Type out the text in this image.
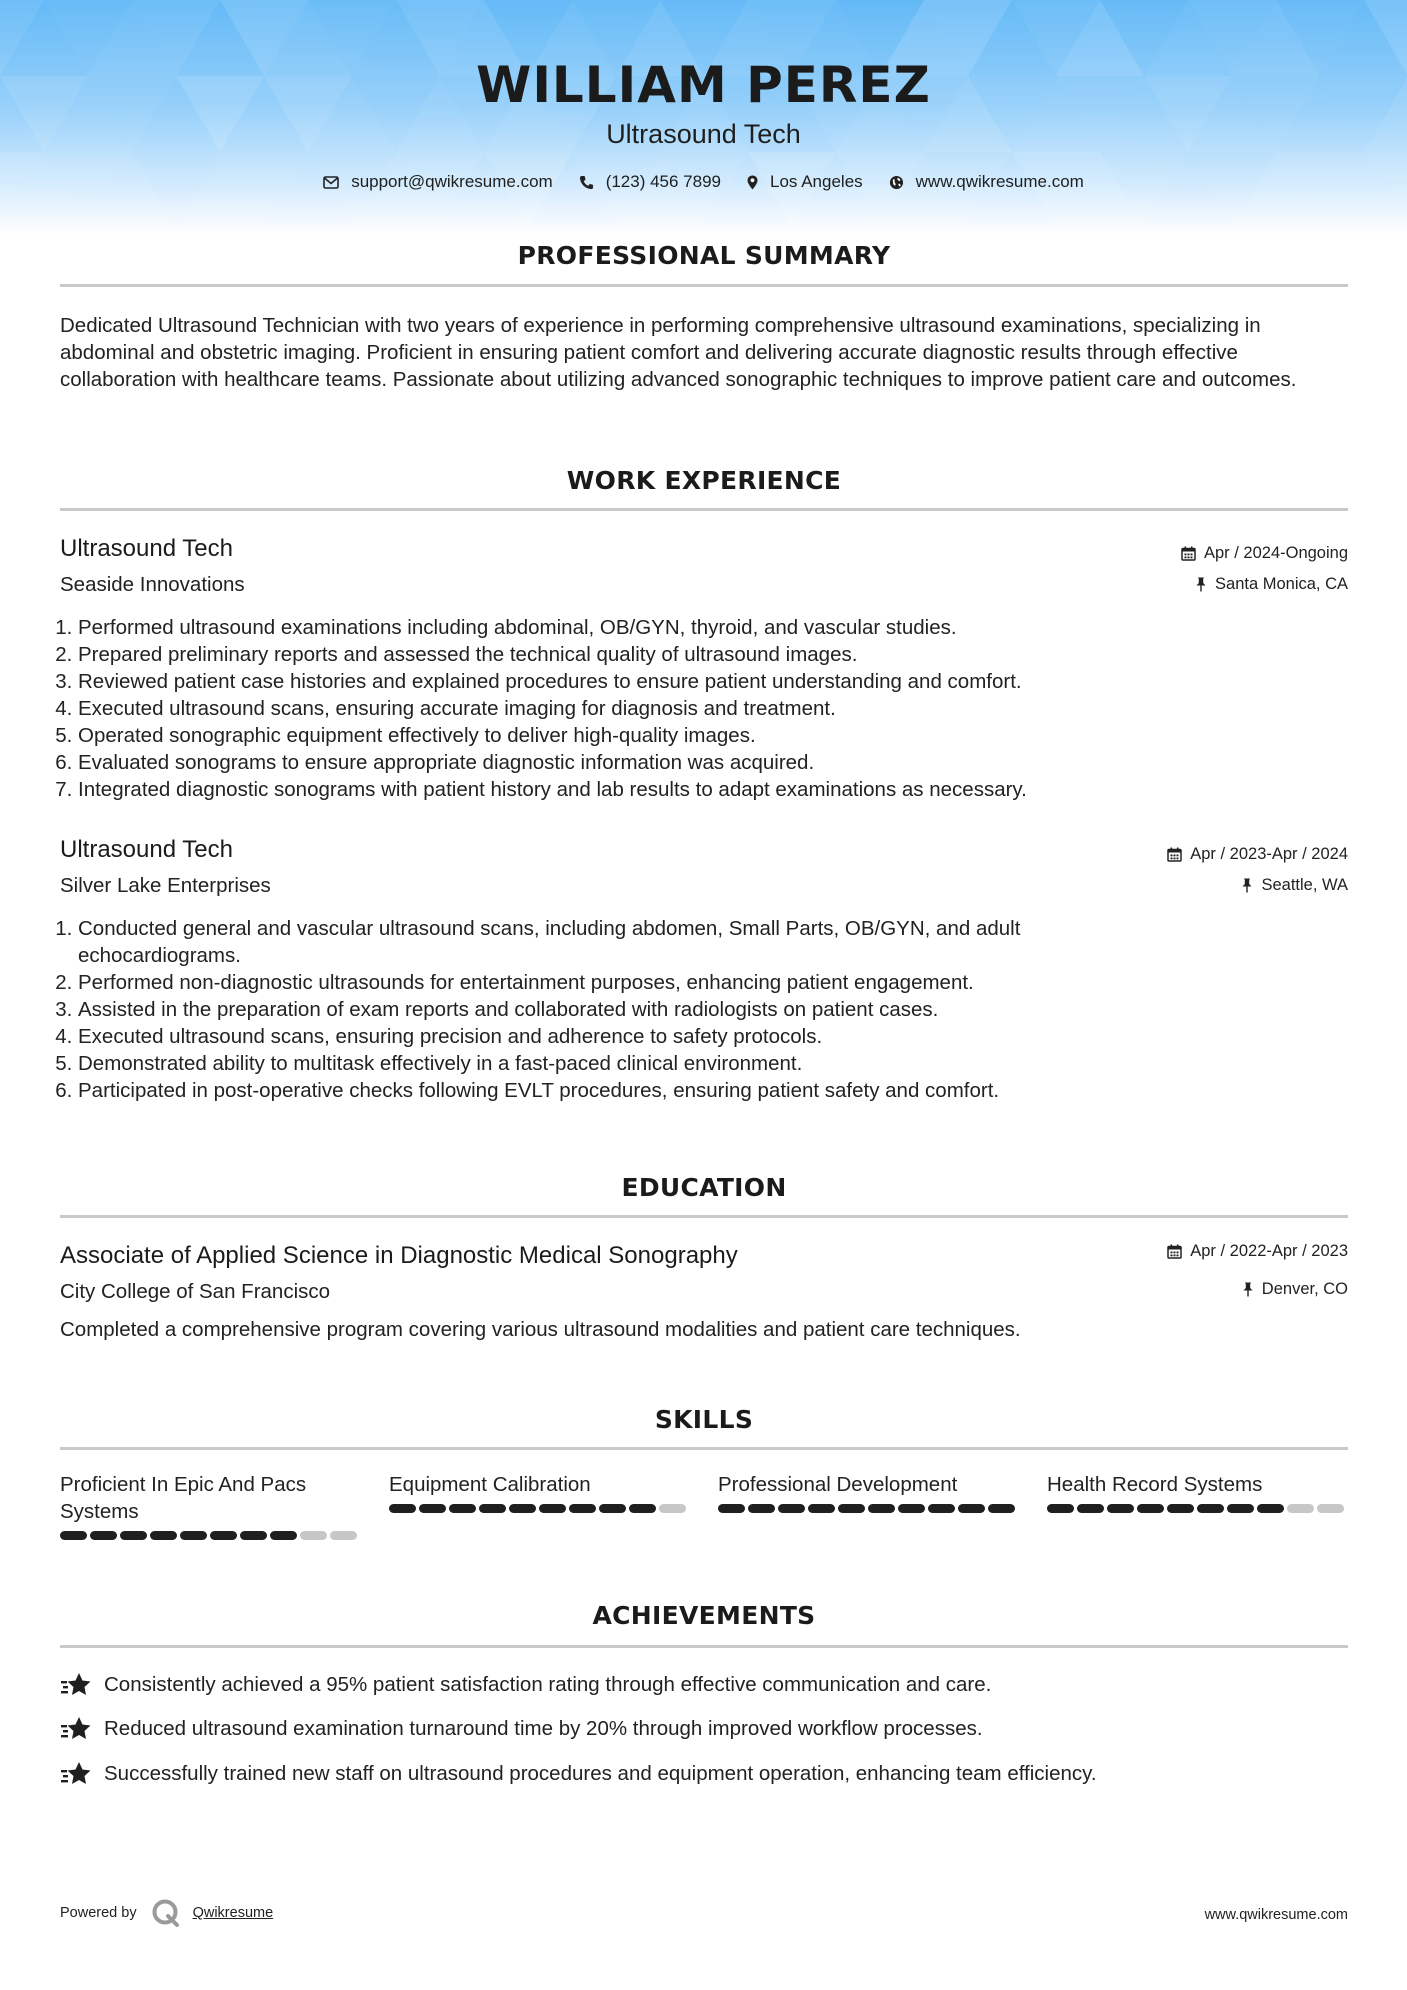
WILLIAM PEREZ
Ultrasound Tech
support@qwikresume.com	(123) 456 7899	Los Angeles	www.qwikresume.com
PROFESSIONAL SUMMARY
Dedicated Ultrasound Technician with two years of experience in performing comprehensive ultrasound examinations, specializing in abdominal and obstetric imaging. Proficient in ensuring patient comfort and delivering accurate diagnostic results through effective collaboration with healthcare teams. Passionate about utilizing advanced sonographic techniques to improve patient care and outcomes.
WORK EXPERIENCE
Ultrasound Tech	Apr / 2024-Ongoing
Seaside Innovations	Santa Monica, CA
1. Performed ultrasound examinations including abdominal, OB/GYN, thyroid, and vascular studies.
2. Prepared preliminary reports and assessed the technical quality of ultrasound images.
3. Reviewed patient case histories and explained procedures to ensure patient understanding and comfort.
4. Executed ultrasound scans, ensuring accurate imaging for diagnosis and treatment.
5. Operated sonographic equipment effectively to deliver high-quality images.
6. Evaluated sonograms to ensure appropriate diagnostic information was acquired.
7. Integrated diagnostic sonograms with patient history and lab results to adapt examinations as necessary.
Ultrasound Tech	Apr / 2023-Apr / 2024
Silver Lake Enterprises	Seattle, WA
1. Conducted general and vascular ultrasound scans, including abdomen, Small Parts, OB/GYN, and adult echocardiograms.
2. Performed non-diagnostic ultrasounds for entertainment purposes, enhancing patient engagement.
3. Assisted in the preparation of exam reports and collaborated with radiologists on patient cases.
4. Executed ultrasound scans, ensuring precision and adherence to safety protocols.
5. Demonstrated ability to multitask effectively in a fast-paced clinical environment.
6. Participated in post-operative checks following EVLT procedures, ensuring patient safety and comfort.
EDUCATION
Associate of Applied Science in Diagnostic Medical Sonography	Apr / 2022-Apr / 2023
City College of San Francisco	Denver, CO
Completed a comprehensive program covering various ultrasound modalities and patient care techniques.
SKILLS
Proficient In Epic And Pacs Systems
Equipment Calibration	Professional Development	Health Record Systems
ACHIEVEMENTS
Consistently achieved a 95% patient satisfaction rating through effective communication and care.
Reduced ultrasound examination turnaround time by 20% through improved workflow processes.
Successfully trained new staff on ultrasound procedures and equipment operation, enhancing team efficiency.
Powered by	Qwikresume	www.qwikresume.com
